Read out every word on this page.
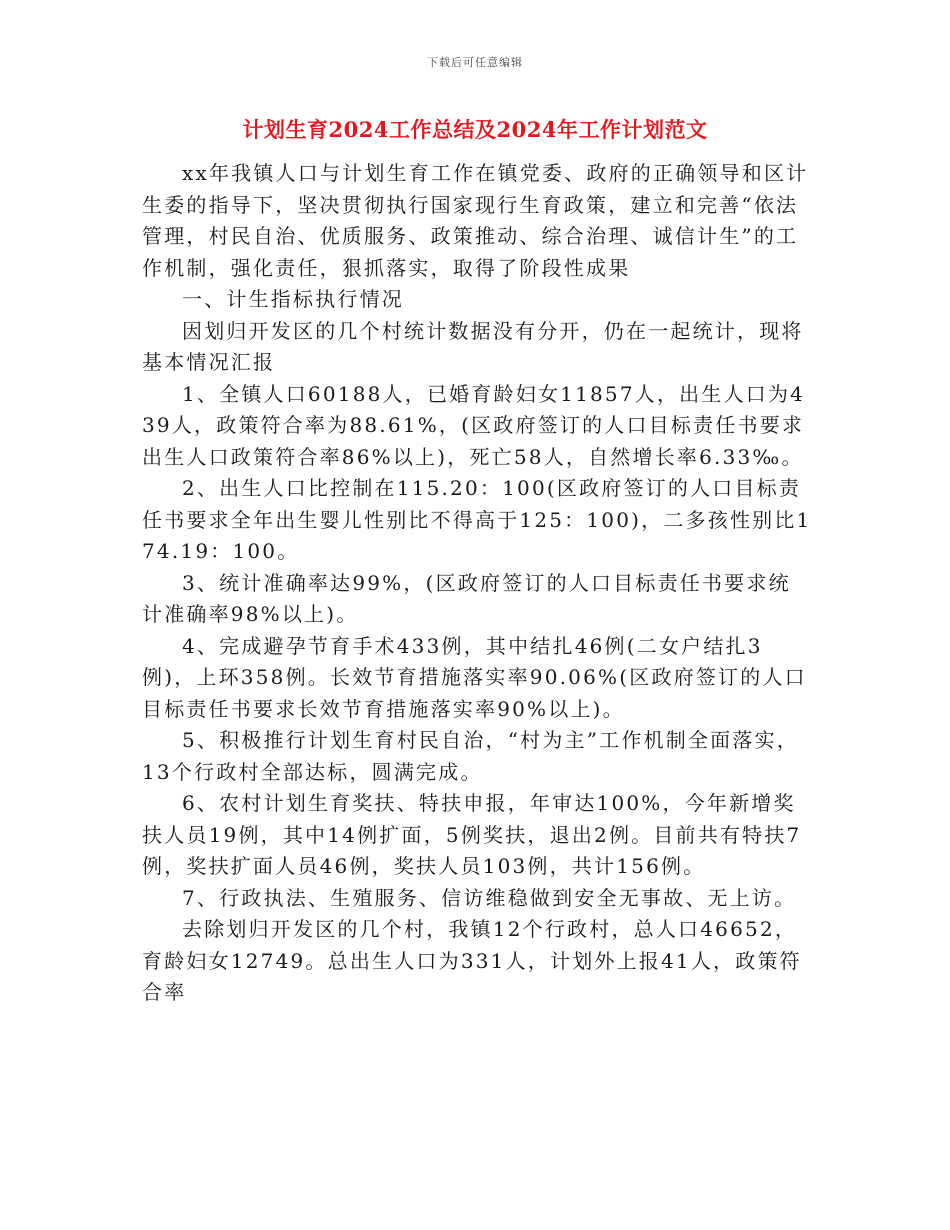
下载后可任意编辑
计划生育2024工作总结及2024年工作计划范文

xx年我镇人口与计划生育工作在镇党委、政府的正确领导和区计生委的指导下，坚决贯彻执行国家现行生育政策，建立和完善“依法管理，村民自治、优质服务、政策推动、综合治理、诚信计生”的工作机制，强化责任，狠抓落实，取得了阶段性成果

一、计生指标执行情况

因划归开发区的几个村统计数据没有分开，仍在一起统计，现将基本情况汇报

1、全镇人口60188人，已婚育龄妇女11857人，出生人口为439人，政策符合率为88.61%，(区政府签订的人口目标责任书要求出生人口政策符合率86%以上)，死亡58人，自然增长率6.33‰。

2、出生人口比控制在115.20：100(区政府签订的人口目标责任书要求全年出生婴儿性别比不得高于125：100)，二多孩性别比174.19：100。

3、统计准确率达99%，(区政府签订的人口目标责任书要求统计准确率98%以上)。

4、完成避孕节育手术433例，其中结扎46例(二女户结扎3例)，上环358例。长效节育措施落实率90.06%(区政府签订的人口目标责任书要求长效节育措施落实率90%以上)。

5、积极推行计划生育村民自治，“村为主”工作机制全面落实，13个行政村全部达标，圆满完成。

6、农村计划生育奖扶、特扶申报，年审达100%，今年新增奖扶人员19例，其中14例扩面，5例奖扶，退出2例。目前共有特扶7例，奖扶扩面人员46例，奖扶人员103例，共计156例。

7、行政执法、生殖服务、信访维稳做到安全无事故、无上访。

去除划归开发区的几个村，我镇12个行政村，总人口46652，育龄妇女12749。总出生人口为331人，计划外上报41人，政策符合率
